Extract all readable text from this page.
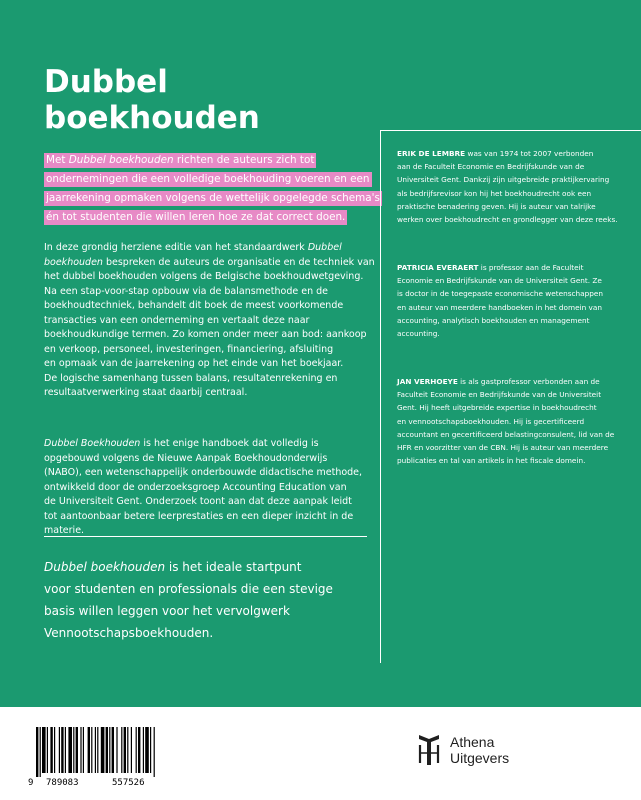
Dubbel
boekhouden

Met Dubbel boekhouden richten de auteurs zich tot
ondernemingen die een volledige boekhouding voeren en een
jaarrekening opmaken volgens de wettelijk opgelegde schema's
én tot studenten die willen leren hoe ze dat correct doen.

In deze grondig herziene editie van het standaardwerk Dubbel
boekhouden bespreken de auteurs de organisatie en de techniek van
het dubbel boekhouden volgens de Belgische boekhoudwetgeving.
Na een stap-voor-stap opbouw via de balansmethode en de
boekhoudtechniek, behandelt dit boek de meest voorkomende
transacties van een onderneming en vertaalt deze naar
boekhoudkundige termen. Zo komen onder meer aan bod: aankoop
en verkoop, personeel, investeringen, financiering, afsluiting
en opmaak van de jaarrekening op het einde van het boekjaar.
De logische samenhang tussen balans, resultatenrekening en
resultaatverwerking staat daarbij centraal.

Dubbel Boekhouden is het enige handboek dat volledig is
opgebouwd volgens de Nieuwe Aanpak Boekhoudonderwijs
(NABO), een wetenschappelijk onderbouwde didactische methode,
ontwikkeld door de onderzoeksgroep Accounting Education van
de Universiteit Gent. Onderzoek toont aan dat deze aanpak leidt
tot aantoonbaar betere leerprestaties en een dieper inzicht in de
materie.

Dubbel boekhouden is het ideale startpunt
voor studenten en professionals die een stevige
basis willen leggen voor het vervolgwerk
Vennootschapsboekhouden.

ERIK DE LEMBRE was van 1974 tot 2007 verbonden
aan de Faculteit Economie en Bedrijfskunde van de
Universiteit Gent. Dankzij zijn uitgebreide praktijkervaring
als bedrijfsrevisor kon hij het boekhoudrecht ook een
praktische benadering geven. Hij is auteur van talrijke
werken over boekhoudrecht en grondlegger van deze reeks.

PATRICIA EVERAERT is professor aan de Faculteit
Economie en Bedrijfskunde van de Universiteit Gent. Ze
is doctor in de toegepaste economische wetenschappen
en auteur van meerdere handboeken in het domein van
accounting, analytisch boekhouden en management
accounting.

JAN VERHOEYE is als gastprofessor verbonden aan de
Faculteit Economie en Bedrijfskunde van de Universiteit
Gent. Hij heeft uitgebreide expertise in boekhoudrecht
en vennootschapsboekhouden. Hij is gecertificeerd
accountant en gecertificeerd belastingconsulent, lid van de
HFR en voorzitter van de CBN. Hij is auteur van meerdere
publicaties en tal van artikels in het fiscale domein.

9 789083	557526
Athena
Uitgevers
